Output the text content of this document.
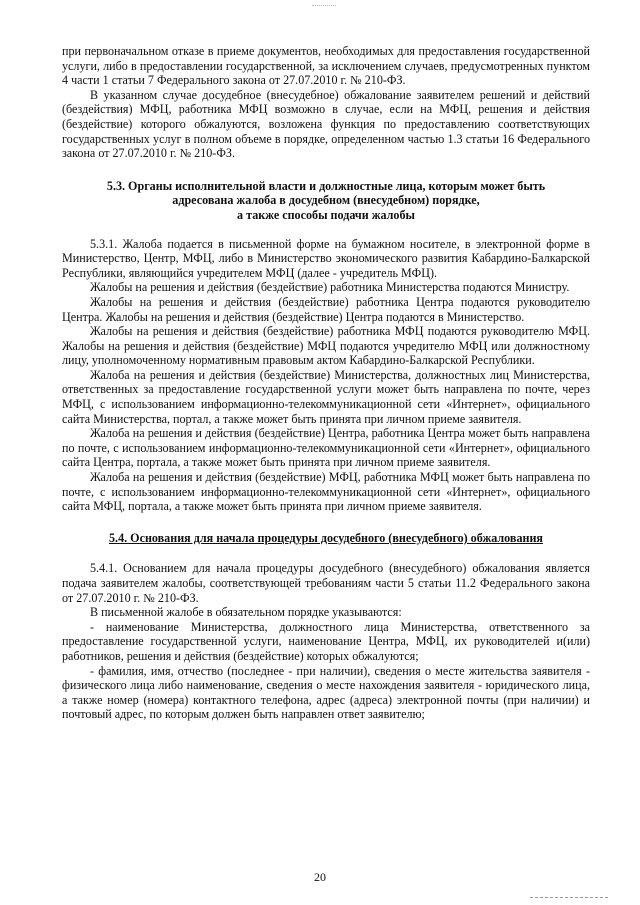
при первоначальном отказе в приеме документов, необходимых для предоставления государственной услуги, либо в предоставлении государственной, за исключением случаев, предусмотренных пунктом 4 части 1 статьи 7 Федерального закона от 27.07.2010 г. № 210-ФЗ.

В указанном случае досудебное (внесудебное) обжалование заявителем решений и действий (бездействия) МФЦ, работника МФЦ возможно в случае, если на МФЦ, решения и действия (бездействие) которого обжалуются, возложена функция по предоставлению соответствующих государственных услуг в полном объеме в порядке, определенном частью 1.3 статьи 16 Федерального закона от 27.07.2010 г. № 210-ФЗ.

5.3. Органы исполнительной власти и должностные лица, которым может быть
адресована жалоба в досудебном (внесудебном) порядке,
а также способы подачи жалобы

5.3.1. Жалоба подается в письменной форме на бумажном носителе, в электронной форме в Министерство, Центр, МФЦ, либо в Министерство экономического развития Кабардино-Балкарской Республики, являющийся учредителем МФЦ (далее - учредитель МФЦ).

Жалобы на решения и действия (бездействие) работника Министерства подаются Министру.

Жалобы на решения и действия (бездействие) работника Центра подаются руководителю Центра. Жалобы на решения и действия (бездействие) Центра подаются в Министерство.

Жалобы на решения и действия (бездействие) работника МФЦ подаются руководителю МФЦ. Жалобы на решения и действия (бездействие) МФЦ подаются учредителю МФЦ или должностному лицу, уполномоченному нормативным правовым актом Кабардино-Балкарской Республики.

Жалоба на решения и действия (бездействие) Министерства, должностных лиц Министерства, ответственных за предоставление государственной услуги может быть направлена по почте, через МФЦ, с использованием информационно-телекоммуникационной сети «Интернет», официального сайта Министерства, портал, а также может быть принята при личном приеме заявителя.

Жалоба на решения и действия (бездействие) Центра, работника Центра может быть направлена по почте, с использованием информационно-телекоммуникационной сети «Интернет», официального сайта Центра, портала, а также может быть принята при личном приеме заявителя.

Жалоба на решения и действия (бездействие) МФЦ, работника МФЦ может быть направлена по почте, с использованием информационно-телекоммуникационной сети «Интернет», официального сайта МФЦ, портала, а также может быть принята при личном приеме заявителя.

5.4. Основания для начала процедуры досудебного (внесудебного) обжалования

5.4.1. Основанием для начала процедуры досудебного (внесудебного) обжалования является подача заявителем жалобы, соответствующей требованиям части 5 статьи 11.2 Федерального закона от 27.07.2010 г. № 210-ФЗ.

В письменной жалобе в обязательном порядке указываются:

- наименование Министерства, должностного лица Министерства, ответственного за предоставление государственной услуги, наименование Центра, МФЦ, их руководителей и(или) работников, решения и действия (бездействие) которых обжалуются;

- фамилия, имя, отчество (последнее - при наличии), сведения о месте жительства заявителя - физического лица либо наименование, сведения о месте нахождения заявителя - юридического лица, а также номер (номера) контактного телефона, адрес (адреса) электронной почты (при наличии) и почтовый адрес, по которым должен быть направлен ответ заявителю;

20
